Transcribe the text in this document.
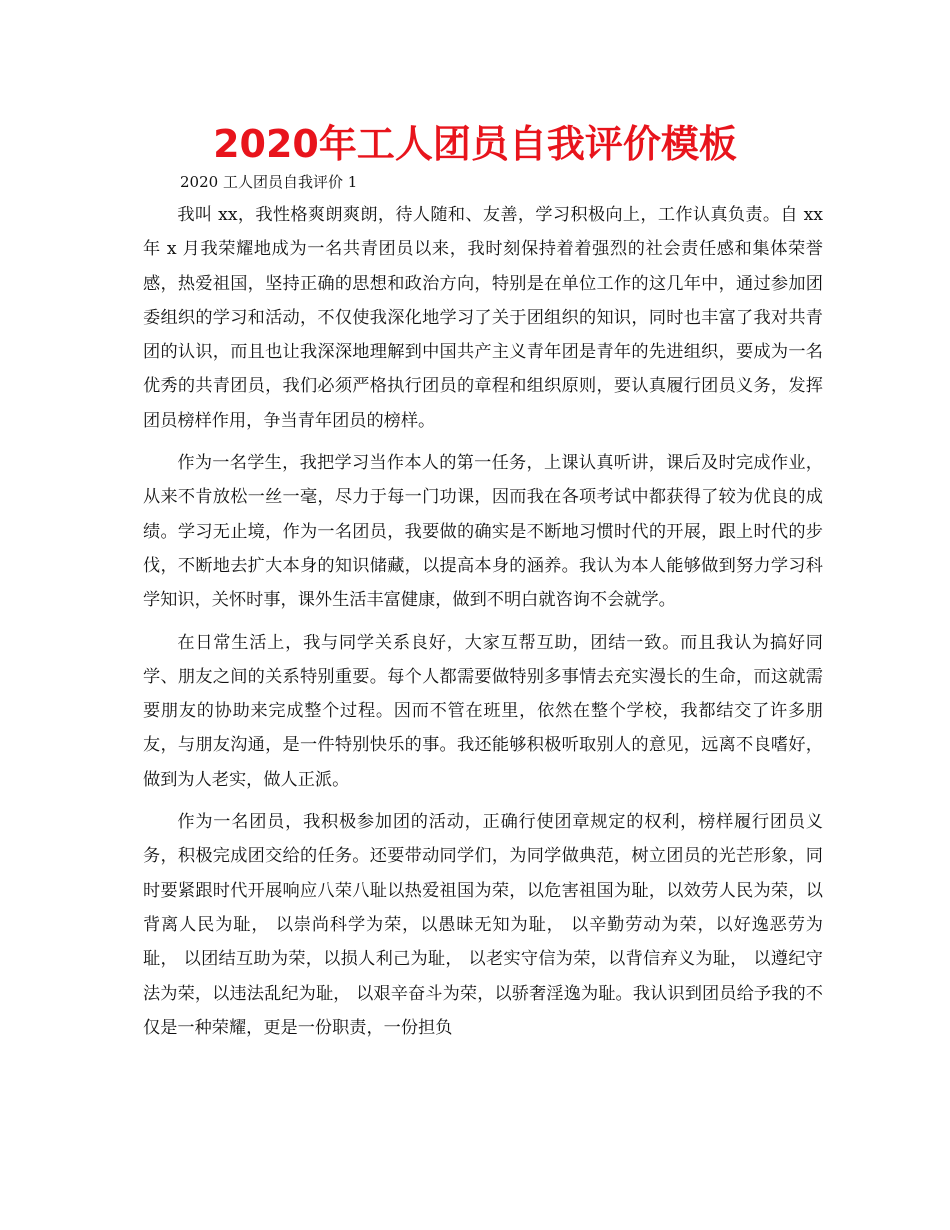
2020年工人团员自我评价模板
2020 工人团员自我评价 1

我叫 xx，我性格爽朗爽朗，待人随和、友善，学习积极向上，工作认真负责。自 xx 年 x 月我荣耀地成为一名共青团员以来，我时刻保持着着强烈的社会责任感和集体荣誉感，热爱祖国，坚持正确的思想和政治方向，特别是在单位工作的这几年中，通过参加团委组织的学习和活动，不仅使我深化地学习了关于团组织的知识，同时也丰富了我对共青团的认识，而且也让我深深地理解到中国共产主义青年团是青年的先进组织，要成为一名优秀的共青团员，我们必须严格执行团员的章程和组织原则，要认真履行团员义务，发挥团员榜样作用，争当青年团员的榜样。

作为一名学生，我把学习当作本人的第一任务，上课认真听讲，课后及时完成作业，从来不肯放松一丝一毫，尽力于每一门功课，因而我在各项考试中都获得了较为优良的成绩。学习无止境，作为一名团员，我要做的确实是不断地习惯时代的开展，跟上时代的步伐，不断地去扩大本身的知识储藏，以提高本身的涵养。我认为本人能够做到努力学习科学知识，关怀时事，课外生活丰富健康，做到不明白就咨询不会就学。

在日常生活上，我与同学关系良好，大家互帮互助，团结一致。而且我认为搞好同学、朋友之间的关系特别重要。每个人都需要做特别多事情去充实漫长的生命，而这就需要朋友的协助来完成整个过程。因而不管在班里，依然在整个学校，我都结交了许多朋友，与朋友沟通，是一件特别快乐的事。我还能够积极听取别人的意见，远离不良嗜好，做到为人老实，做人正派。

作为一名团员，我积极参加团的活动，正确行使团章规定的权利，榜样履行团员义务，积极完成团交给的任务。还要带动同学们，为同学做典范，树立团员的光芒形象，同时要紧跟时代开展响应八荣八耻以热爱祖国为荣，以危害祖国为耻，以效劳人民为荣，以背离人民为耻， 以崇尚科学为荣，以愚昧无知为耻， 以辛勤劳动为荣，以好逸恶劳为耻， 以团结互助为荣，以损人利己为耻， 以老实守信为荣，以背信弃义为耻， 以遵纪守法为荣，以违法乱纪为耻， 以艰辛奋斗为荣，以骄奢淫逸为耻。我认识到团员给予我的不仅是一种荣耀，更是一份职责，一份担负
